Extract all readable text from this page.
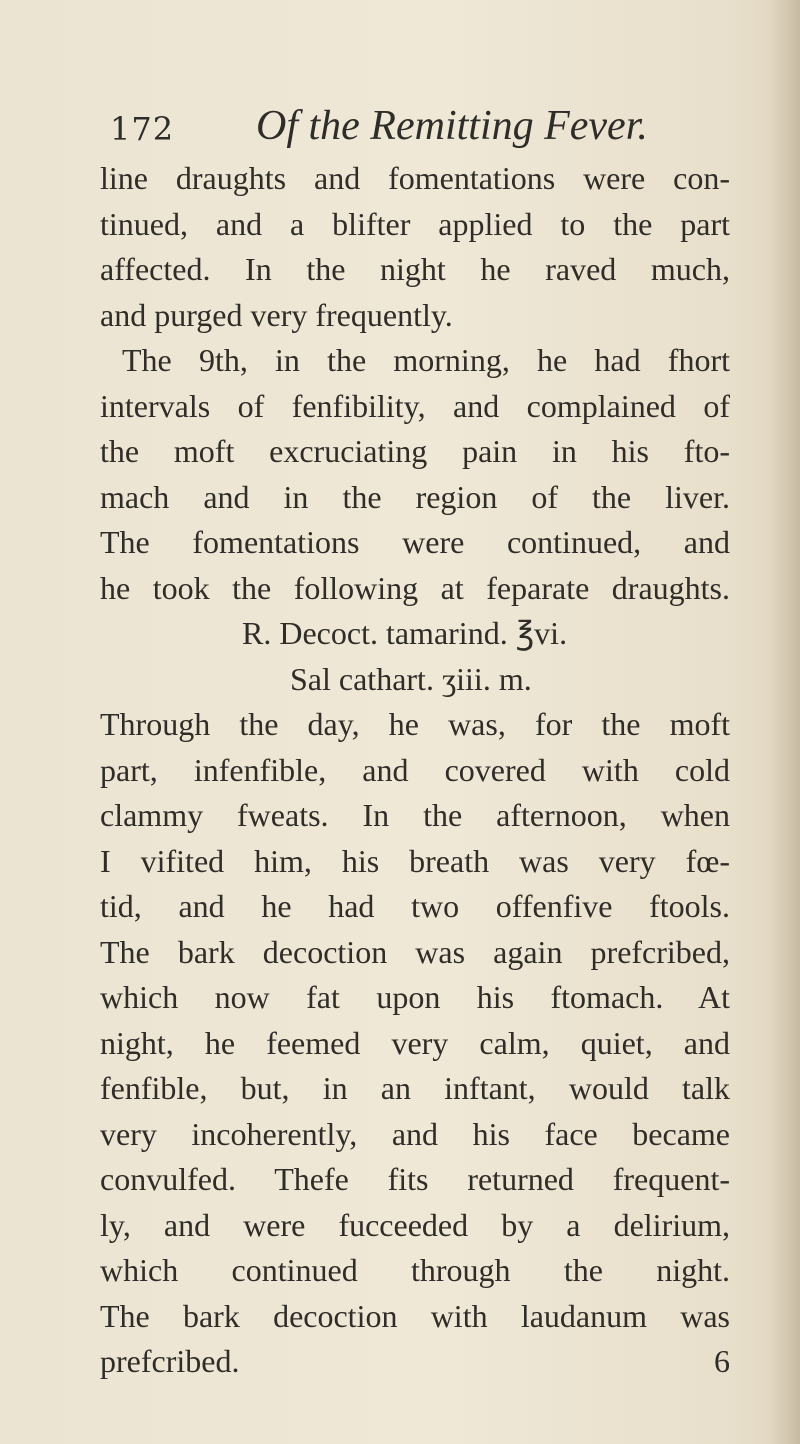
172 Of the Remitting Fever.
line draughts and fomentations were con-
tinued, and a blifter applied to the part
affected. In the night he raved much,
and purged very frequently.
The 9th, in the morning, he had fhort
intervals of fenfibility, and complained of
the moft excruciating pain in his fto-
mach and in the region of the liver.
The fomentations were continued, and
he took the following at feparate draughts.
R. Decoct. tamarind. ℥vi.
Sal cathart. ʒiii. m.
Through the day, he was, for the moft
part, infenfible, and covered with cold
clammy fweats. In the afternoon, when
I vifited him, his breath was very fœ-
tid, and he had two offenfive ftools.
The bark decoction was again prefcribed,
which now fat upon his ftomach. At
night, he feemed very calm, quiet, and
fenfible, but, in an inftant, would talk
very incoherently, and his face became
convulfed. Thefe fits returned frequent-
ly, and were fucceeded by a delirium,
which continued through the night.
The bark decoction with laudanum was
prefcribed.	6
